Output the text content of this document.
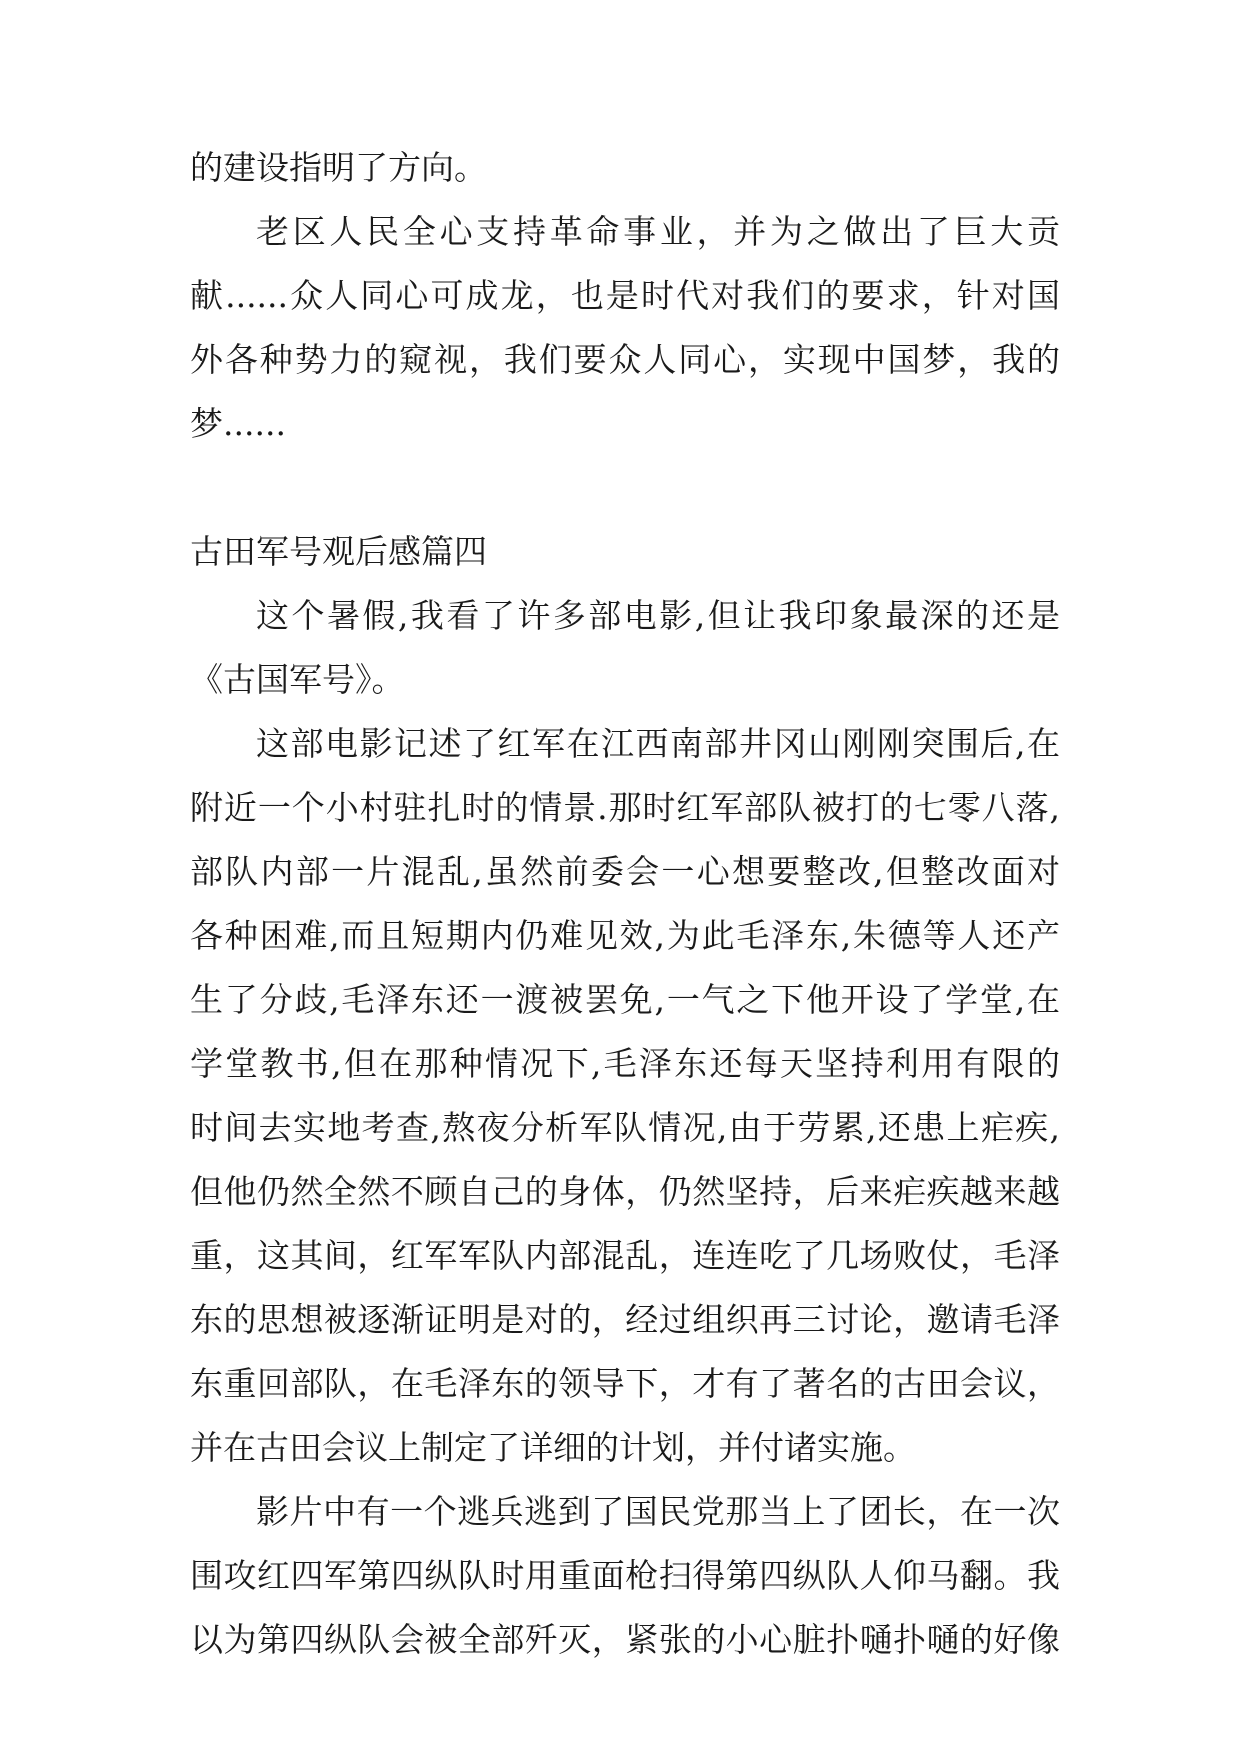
的建设指明了方向。
老区人民全心支持革命事业，并为之做出了巨大贡
献......众人同心可成龙，也是时代对我们的要求，针对国
外各种势力的窥视，我们要众人同心，实现中国梦，我的
梦......
古田军号观后感篇四
这个暑假,我看了许多部电影,但让我印象最深的还是
《古国军号》。
这部电影记述了红军在江西南部井冈山刚刚突围后,在
附近一个小村驻扎时的情景.那时红军部队被打的七零八落,
部队内部一片混乱,虽然前委会一心想要整改,但整改面对
各种困难,而且短期内仍难见效,为此毛泽东,朱德等人还产
生了分歧,毛泽东还一渡被罢免,一气之下他开设了学堂,在
学堂教书,但在那种情况下,毛泽东还每天坚持利用有限的
时间去实地考查,熬夜分析军队情况,由于劳累,还患上疟疾,
但他仍然全然不顾自己的身体，仍然坚持，后来疟疾越来越
重，这其间，红军军队内部混乱，连连吃了几场败仗，毛泽
东的思想被逐渐证明是对的，经过组织再三讨论，邀请毛泽
东重回部队，在毛泽东的领导下，才有了著名的古田会议，
并在古田会议上制定了详细的计划，并付诸实施。
影片中有一个逃兵逃到了国民党那当上了团长，在一次
围攻红四军第四纵队时用重面枪扫得第四纵队人仰马翻。我
以为第四纵队会被全部歼灭，紧张的小心脏扑嗵扑嗵的好像
